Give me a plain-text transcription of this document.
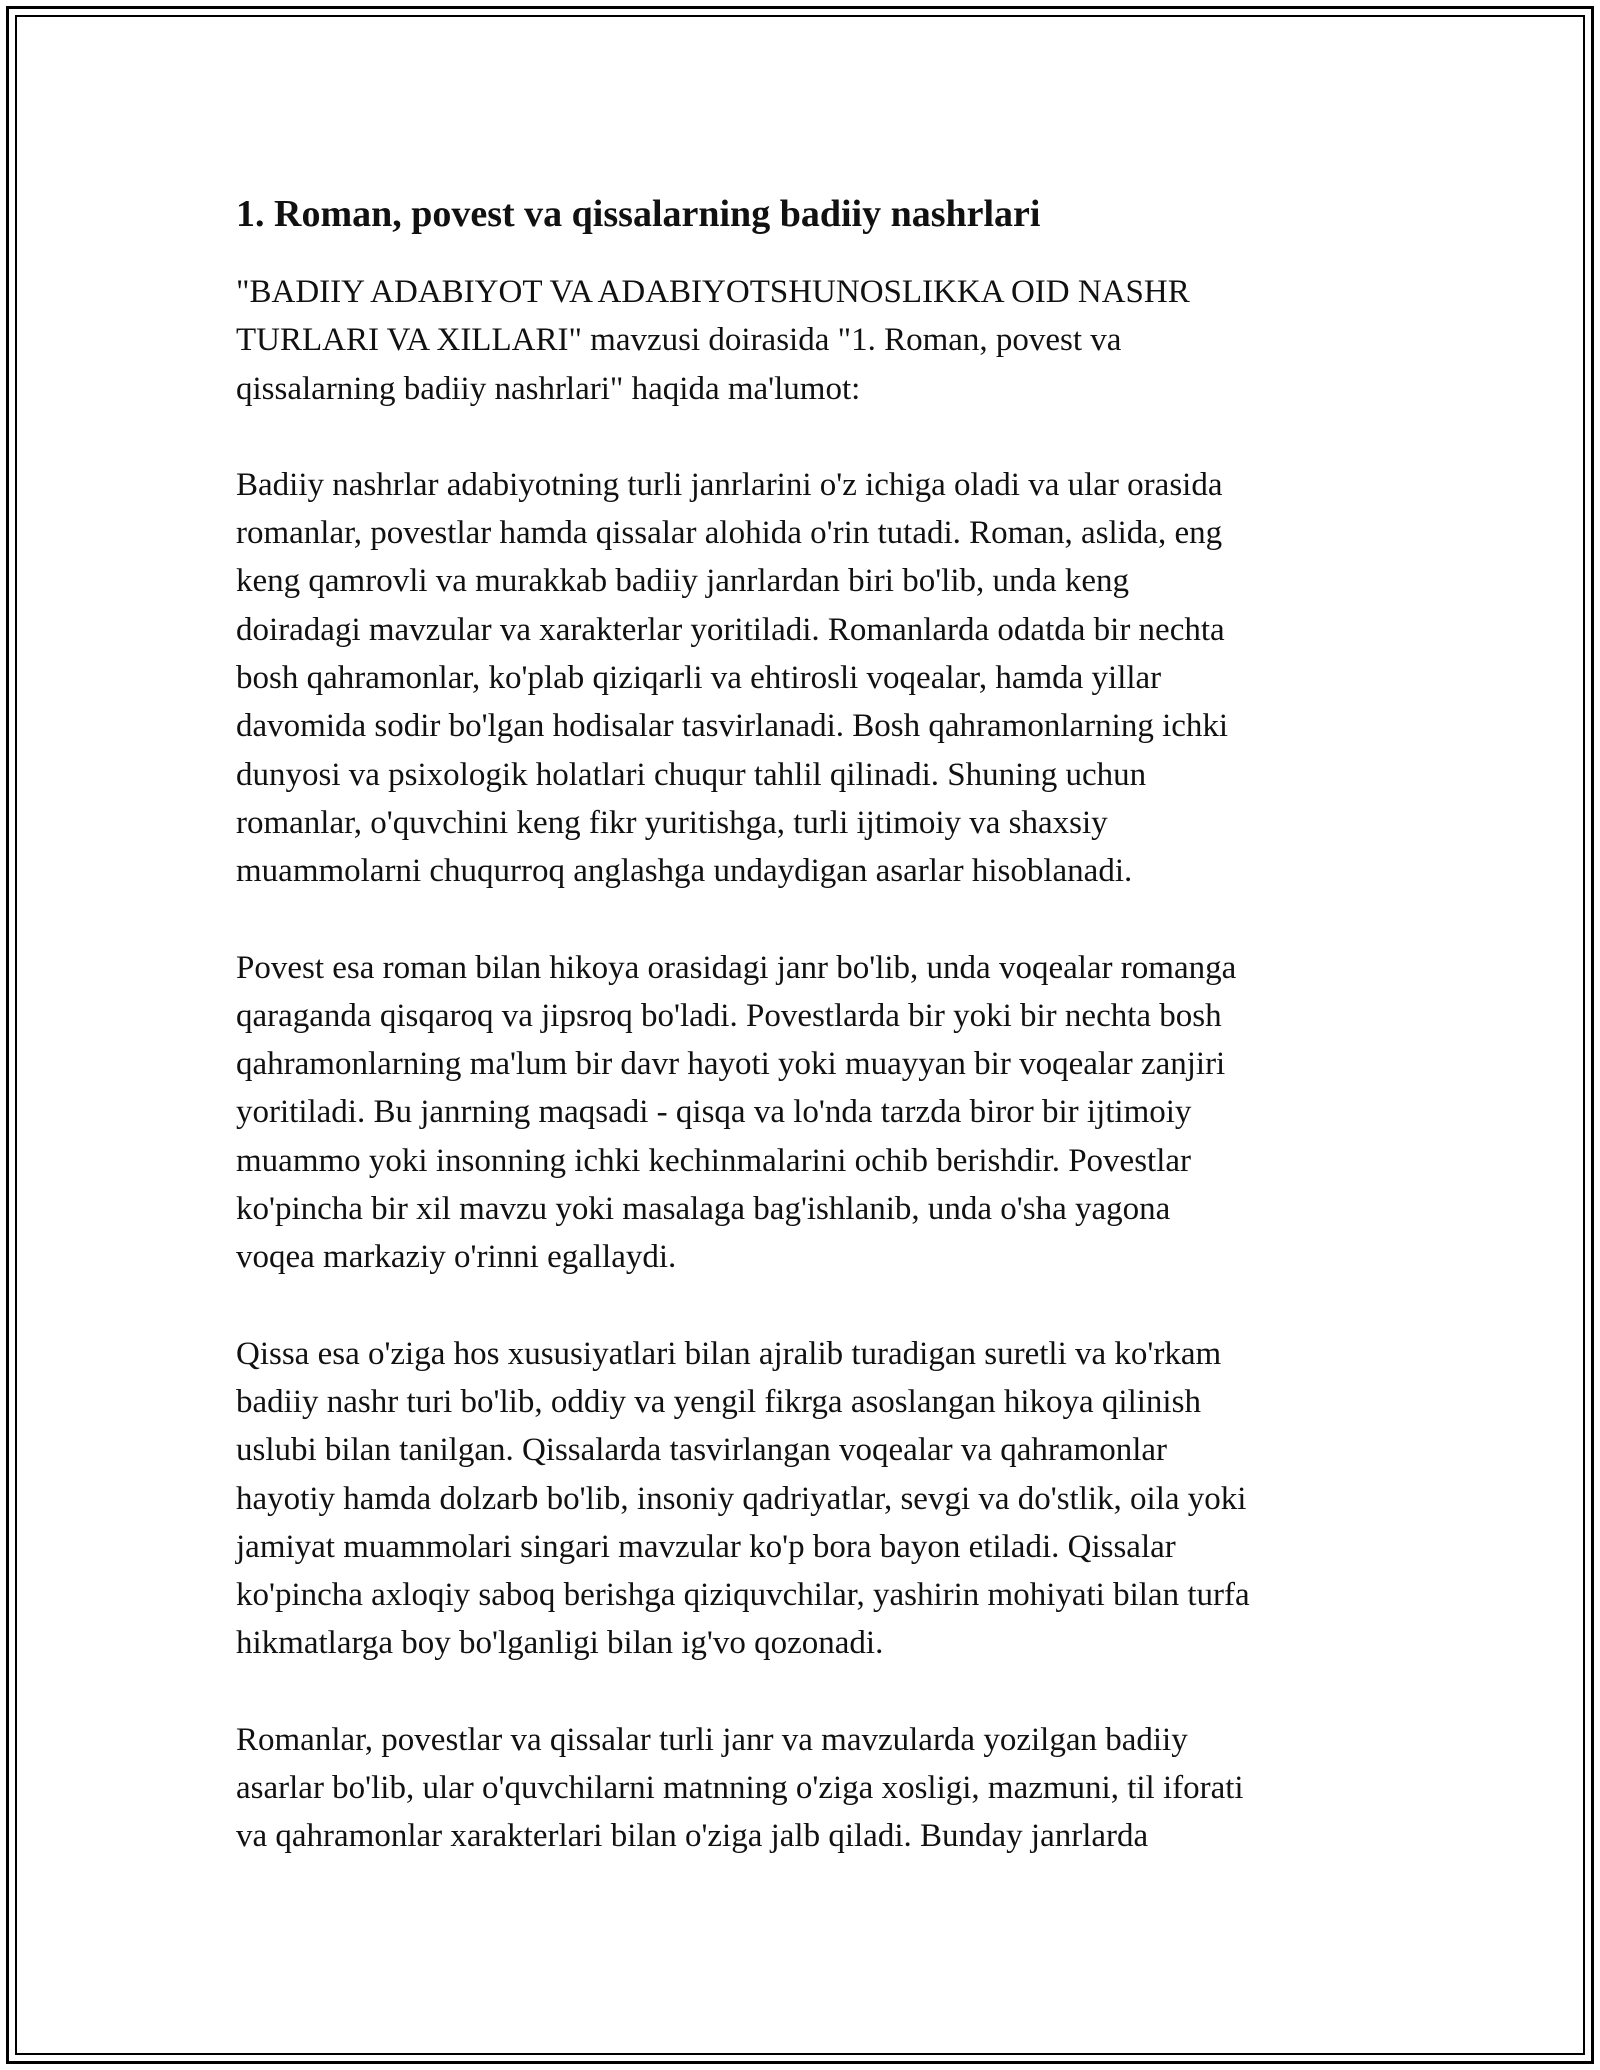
1. Roman, povest va qissalarning badiiy nashrlari

"BADIIY ADABIYOT VA ADABIYOTSHUNOSLIKKA OID NASHR
TURLARI VA XILLARI" mavzusi doirasida "1. Roman, povest va
qissalarning badiiy nashrlari" haqida ma'lumot:

Badiiy nashrlar adabiyotning turli janrlarini o'z ichiga oladi va ular orasida
romanlar, povestlar hamda qissalar alohida o'rin tutadi. Roman, aslida, eng
keng qamrovli va murakkab badiiy janrlardan biri bo'lib, unda keng
doiradagi mavzular va xarakterlar yoritiladi. Romanlarda odatda bir nechta
bosh qahramonlar, ko'plab qiziqarli va ehtirosli voqealar, hamda yillar
davomida sodir bo'lgan hodisalar tasvirlanadi. Bosh qahramonlarning ichki
dunyosi va psixologik holatlari chuqur tahlil qilinadi. Shuning uchun
romanlar, o'quvchini keng fikr yuritishga, turli ijtimoiy va shaxsiy
muammolarni chuqurroq anglashga undaydigan asarlar hisoblanadi.

Povest esa roman bilan hikoya orasidagi janr bo'lib, unda voqealar romanga
qaraganda qisqaroq va jipsroq bo'ladi. Povestlarda bir yoki bir nechta bosh
qahramonlarning ma'lum bir davr hayoti yoki muayyan bir voqealar zanjiri
yoritiladi. Bu janrning maqsadi - qisqa va lo'nda tarzda biror bir ijtimoiy
muammo yoki insonning ichki kechinmalarini ochib berishdir. Povestlar
ko'pincha bir xil mavzu yoki masalaga bag'ishlanib, unda o'sha yagona
voqea markaziy o'rinni egallaydi.

Qissa esa o'ziga hos xususiyatlari bilan ajralib turadigan suretli va ko'rkam
badiiy nashr turi bo'lib, oddiy va yengil fikrga asoslangan hikoya qilinish
uslubi bilan tanilgan. Qissalarda tasvirlangan voqealar va qahramonlar
hayotiy hamda dolzarb bo'lib, insoniy qadriyatlar, sevgi va do'stlik, oila yoki
jamiyat muammolari singari mavzular ko'p bora bayon etiladi. Qissalar
ko'pincha axloqiy saboq berishga qiziquvchilar, yashirin mohiyati bilan turfa
hikmatlarga boy bo'lganligi bilan ig'vo qozonadi.

Romanlar, povestlar va qissalar turli janr va mavzularda yozilgan badiiy
asarlar bo'lib, ular o'quvchilarni matnning o'ziga xosligi, mazmuni, til iforati
va qahramonlar xarakterlari bilan o'ziga jalb qiladi. Bunday janrlarda
